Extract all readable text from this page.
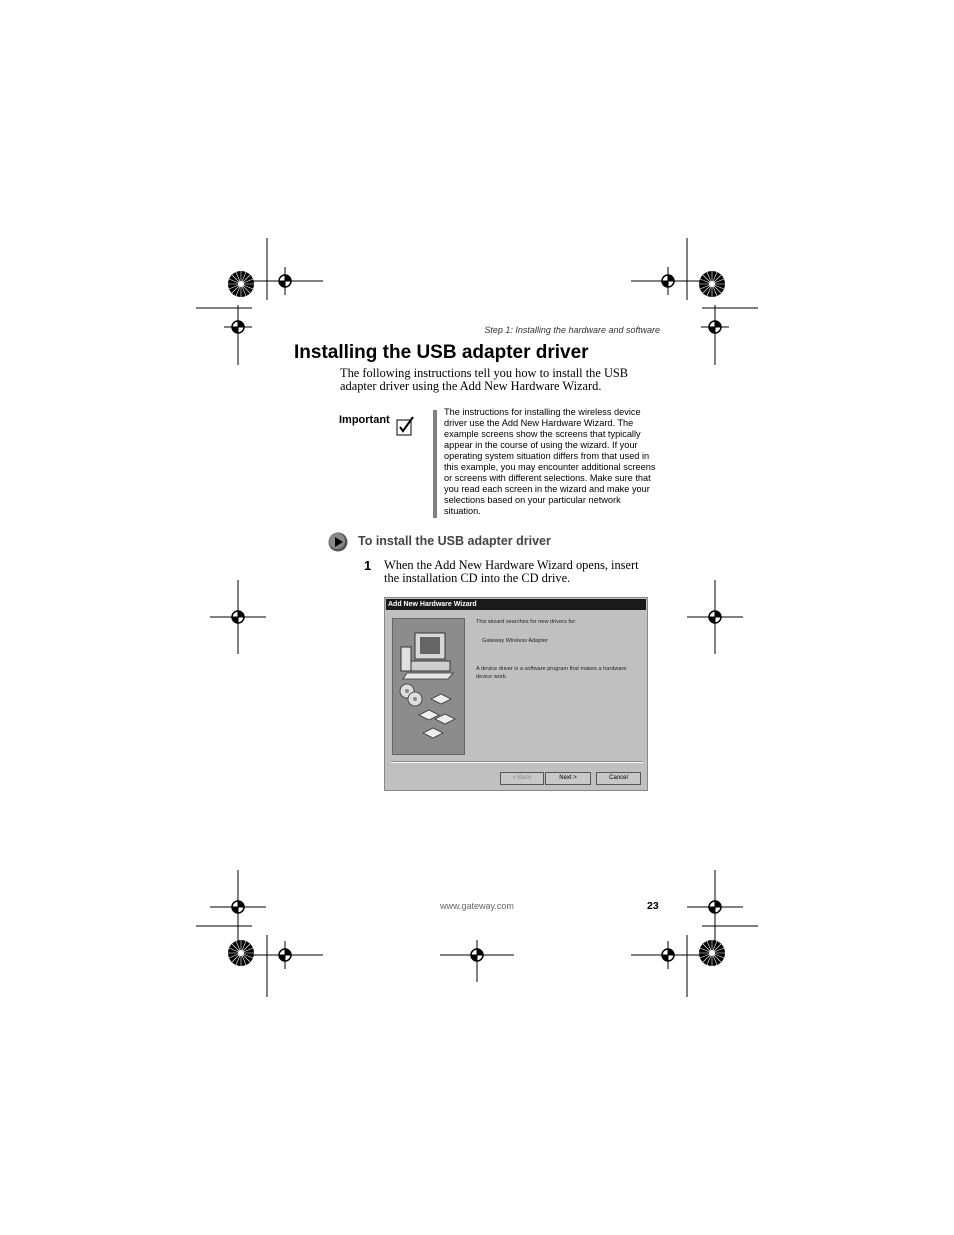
Step 1: Installing the hardware and software
Installing the USB adapter driver
The following instructions tell you how to install the USB adapter driver using the Add New Hardware Wizard.
Important
The instructions for installing the wireless device driver use the Add New Hardware Wizard. The example screens show the screens that typically appear in the course of using the wizard. If your operating system situation differs from that used in this example, you may encounter additional screens or screens with different selections. Make sure that you read each screen in the wizard and make your selections based on your particular network situation.
To install the USB adapter driver
1 When the Add New Hardware Wizard opens, insert the installation CD into the CD drive.
Add New Hardware Wizard
This wizard searches for new drivers for:
Gateway Wireless Adapter
A device driver is a software program that makes a hardware device work.
< Back	Next >	Cancel
www.gateway.com	23
